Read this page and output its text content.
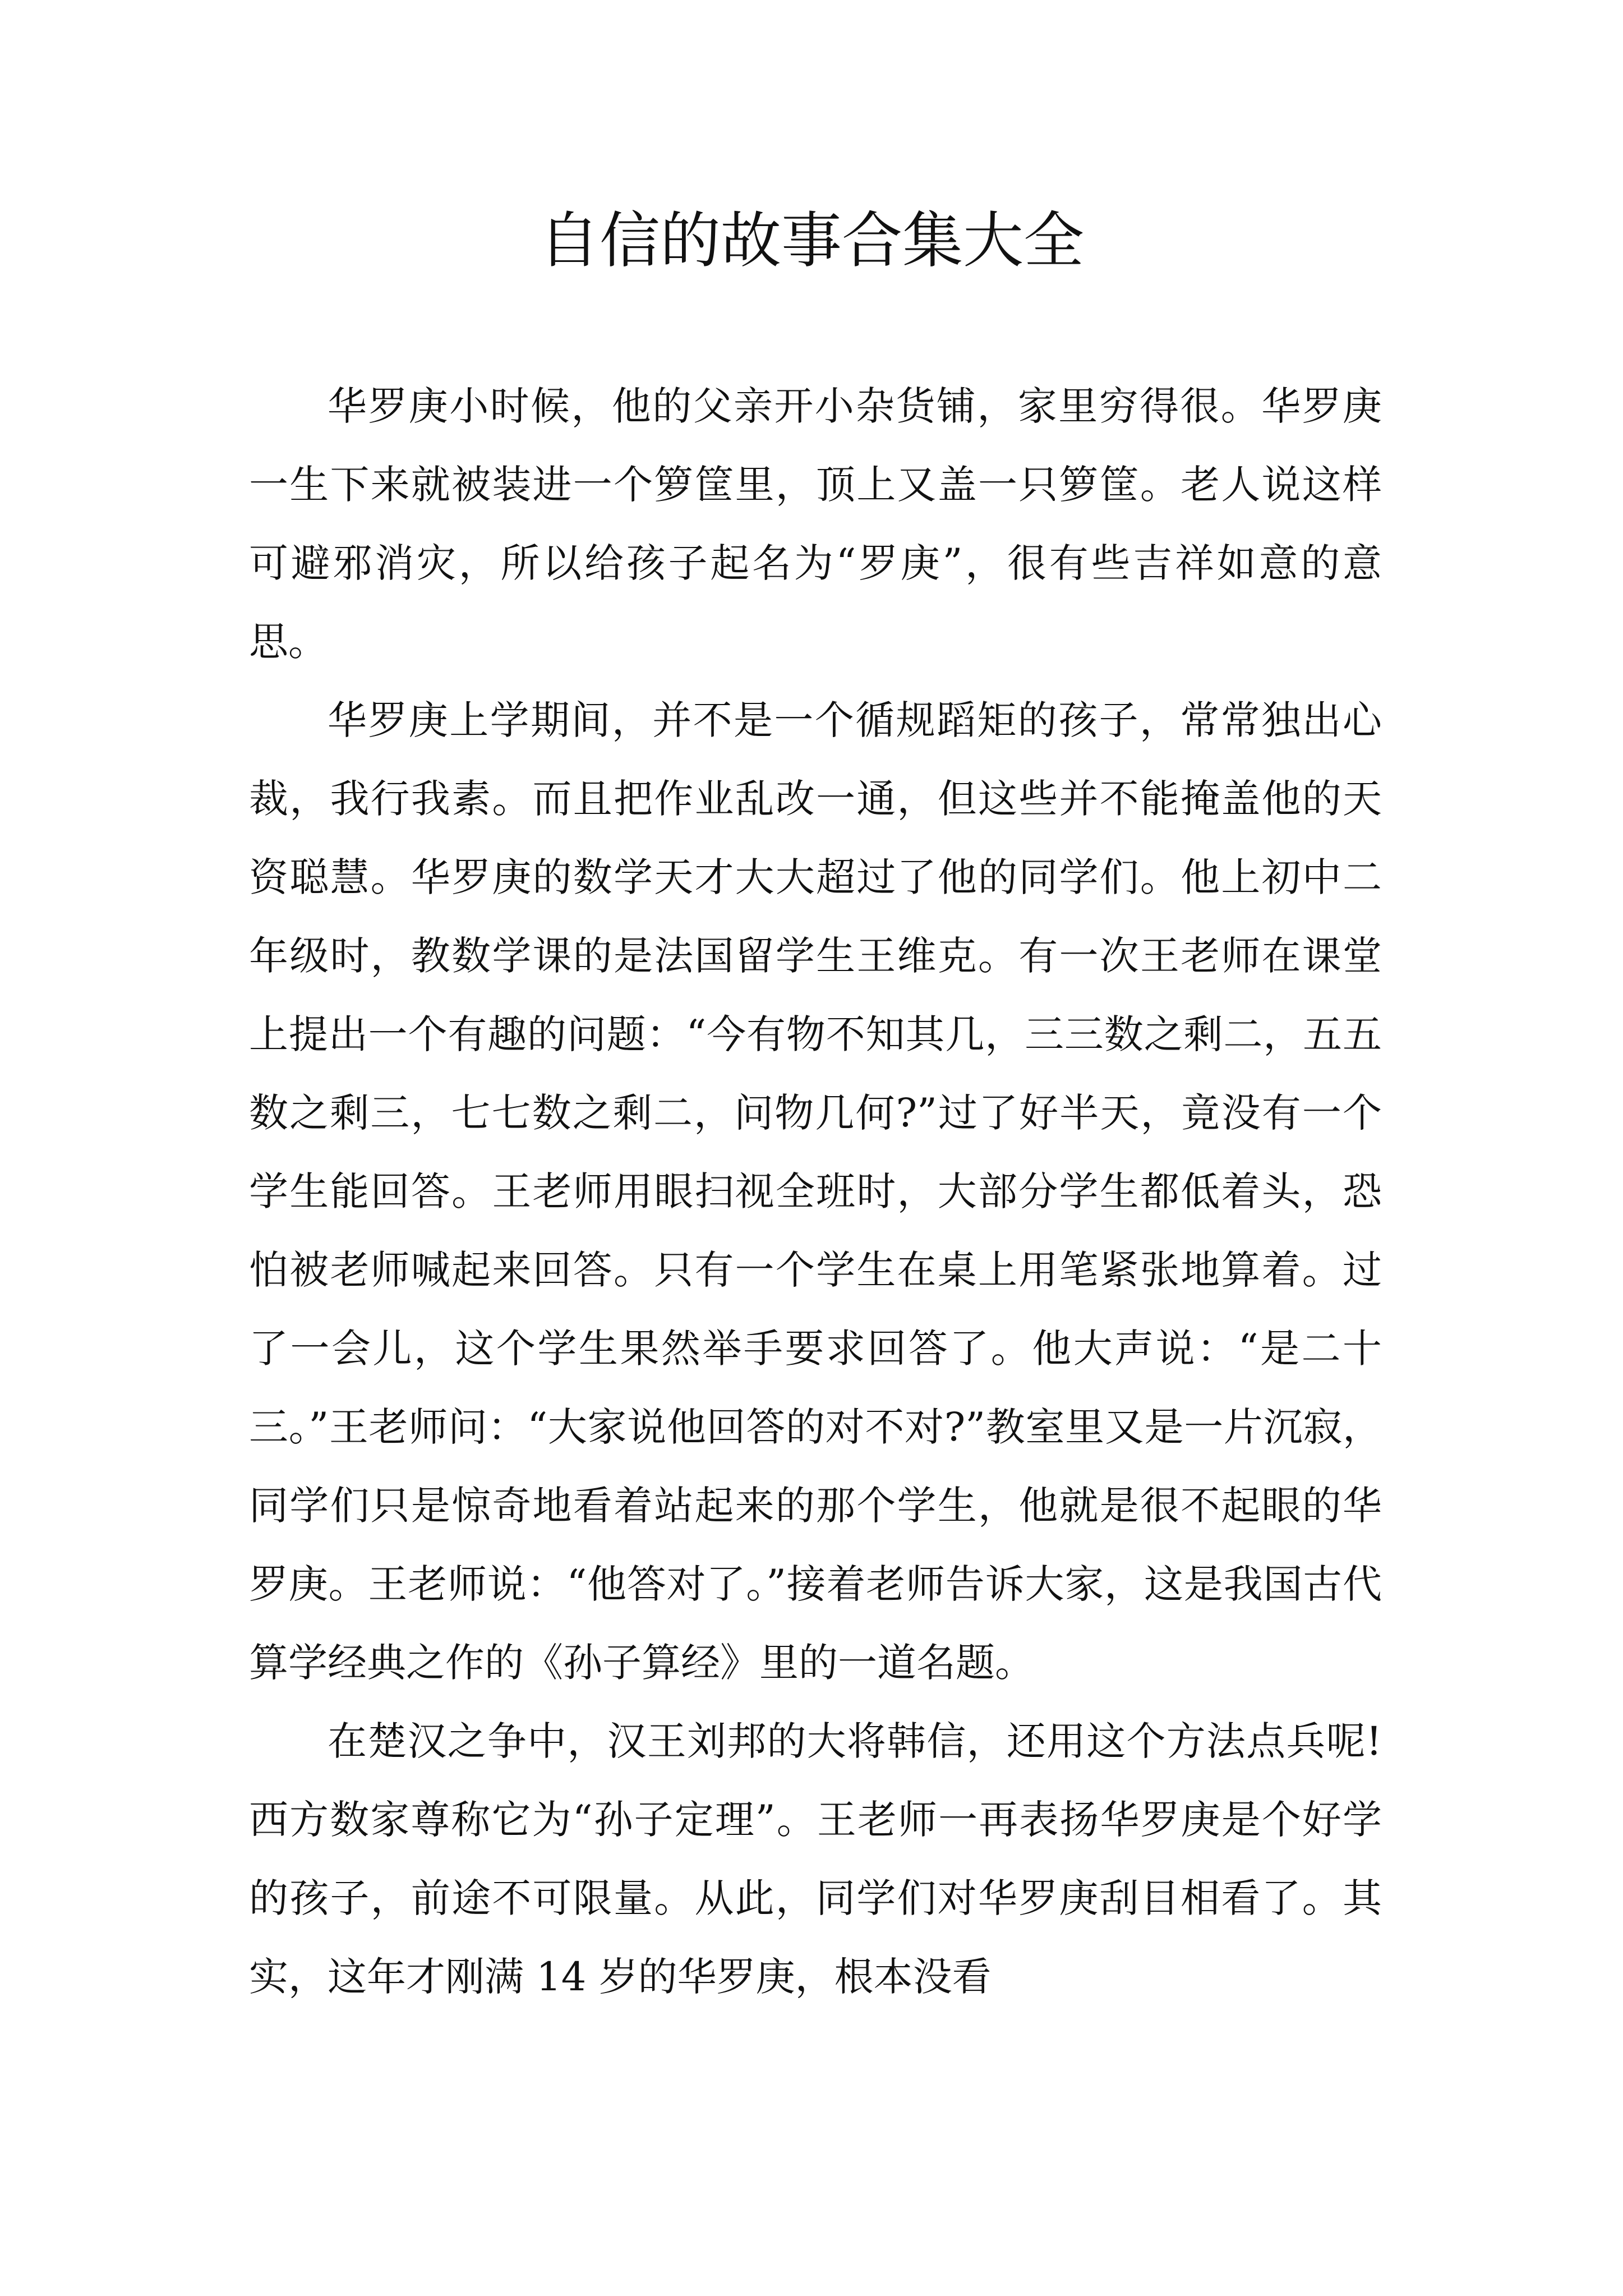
自信的故事合集大全

华罗庚小时候，他的父亲开小杂货铺，家里穷得很。华罗庚一生下来就被装进一个箩筐里，顶上又盖一只箩筐。老人说这样可避邪消灾，所以给孩子起名为“罗庚”，很有些吉祥如意的意思。

华罗庚上学期间，并不是一个循规蹈矩的孩子，常常独出心裁，我行我素。而且把作业乱改一通，但这些并不能掩盖他的天资聪慧。华罗庚的数学天才大大超过了他的同学们。他上初中二年级时，教数学课的是法国留学生王维克。有一次王老师在课堂上提出一个有趣的问题：“今有物不知其几，三三数之剩二，五五数之剩三，七七数之剩二，问物几何?”过了好半天，竟没有一个学生能回答。王老师用眼扫视全班时，大部分学生都低着头，恐怕被老师喊起来回答。只有一个学生在桌上用笔紧张地算着。过了一会儿，这个学生果然举手要求回答了。他大声说：“是二十三。”王老师问：“大家说他回答的对不对?”教室里又是一片沉寂，同学们只是惊奇地看着站起来的那个学生，他就是很不起眼的华罗庚。王老师说：“他答对了。”接着老师告诉大家，这是我国古代算学经典之作的《孙子算经》里的一道名题。

在楚汉之争中，汉王刘邦的大将韩信，还用这个方法点兵呢!西方数家尊称它为“孙子定理”。王老师一再表扬华罗庚是个好学的孩子，前途不可限量。从此，同学们对华罗庚刮目相看了。其实，这年才刚满 14 岁的华罗庚，根本没看
